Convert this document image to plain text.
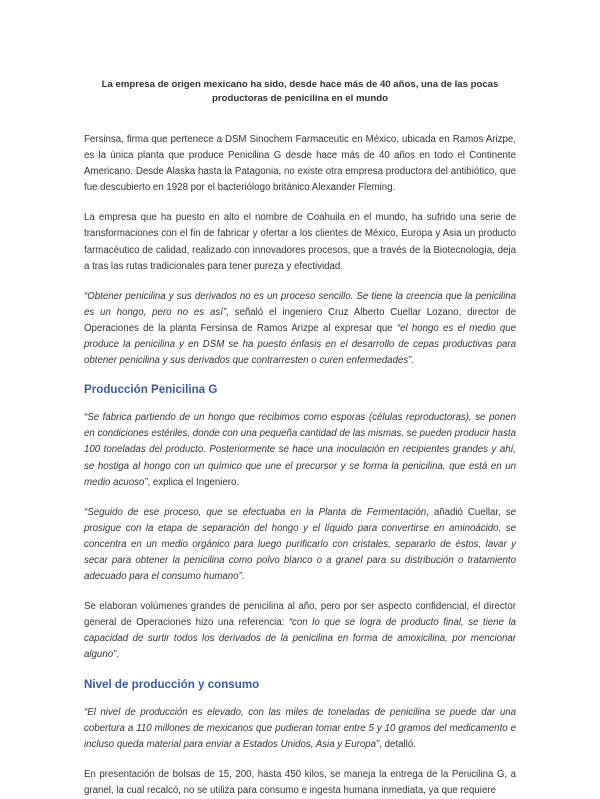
La empresa de origen mexicano ha sido, desde hace más de 40 años, una de las pocas
productoras de penicilina en el mundo

Fersinsa, firma que pertenece a DSM Sinochem Farmaceutic en México, ubicada en Ramos Arizpe, es la única planta que produce Penicilina G desde hace más de 40 años en todo el Continente Americano. Desde Alaska hasta la Patagonia, no existe otra empresa productora del antibiótico, que fue descubierto en 1928 por el bacteriólogo británico Alexander Fleming.

La empresa que ha puesto en alto el nombre de Coahuila en el mundo, ha sufrido una serie de transformaciones con el fin de fabricar y ofertar a los clientes de México, Europa y Asia un producto farmacéutico de calidad, realizado con innovadores procesos, que a través de la Biotecnología, deja a tras las rutas tradicionales para tener pureza y efectividad.

“Obtener penicilina y sus derivados no es un proceso sencillo. Se tiene la creencia que la penicilina es un hongo, pero no es así”, señaló el ingeniero Cruz Alberto Cuellar Lozano, director de Operaciones de la planta Fersinsa de Ramos Arizpe al expresar que “el hongo es el medio que produce la penicilina y en DSM se ha puesto énfasis en el desarrollo de cepas productivas para obtener penicilina y sus derivados que contrarresten o curen enfermedades”.

Producción Penicilina G

“Se fabrica partiendo de un hongo que recibimos como esporas (células reproductoras), se ponen en condiciones estériles, donde con una pequeña cantidad de las mismas, se pueden producir hasta 100 toneladas del producto. Posteriormente se hace una inoculación en recipientes grandes y ahí, se hostiga al hongo con un químico que une el precursor y se forma la penicilina, que está en un medio acuoso”, explica el Ingeniero.

“Seguido de ese proceso, que se efectuaba en la Planta de Fermentación, añadió Cuellar, se prosigue con la etapa de separación del hongo y el líquido para convertirse en aminoácido, se concentra en un medio orgánico para luego purificarlo con cristales, separarlo de éstos, lavar y secar para obtener la penicilina como polvo blanco o a granel para su distribución o tratamiento adecuado para el consumo humano”.

Se elaboran volúmenes grandes de penicilina al año, pero por ser aspecto confidencial, el director general de Operaciones hizo una referencia: “con lo que se logra de producto final, se tiene la capacidad de surtir todos los derivados de la penicilina en forma de amoxicilina, por mencionar alguno”.

Nivel de producción y consumo

“El nivel de producción es elevado, con las miles de toneladas de penicilina se puede dar una cobertura a 110 millones de mexicanos que pudieran tomar entre 5 y 10 gramos del medicamento e incluso queda material para enviar a Estados Unidos, Asia y Europa”, detalló.

En presentación de bolsas de 15, 200, hasta 450 kilos, se maneja la entrega de la Penicilina G, a granel, la cual recalcó, no se utiliza para consumo e ingesta humana inmediata, ya que requiere
